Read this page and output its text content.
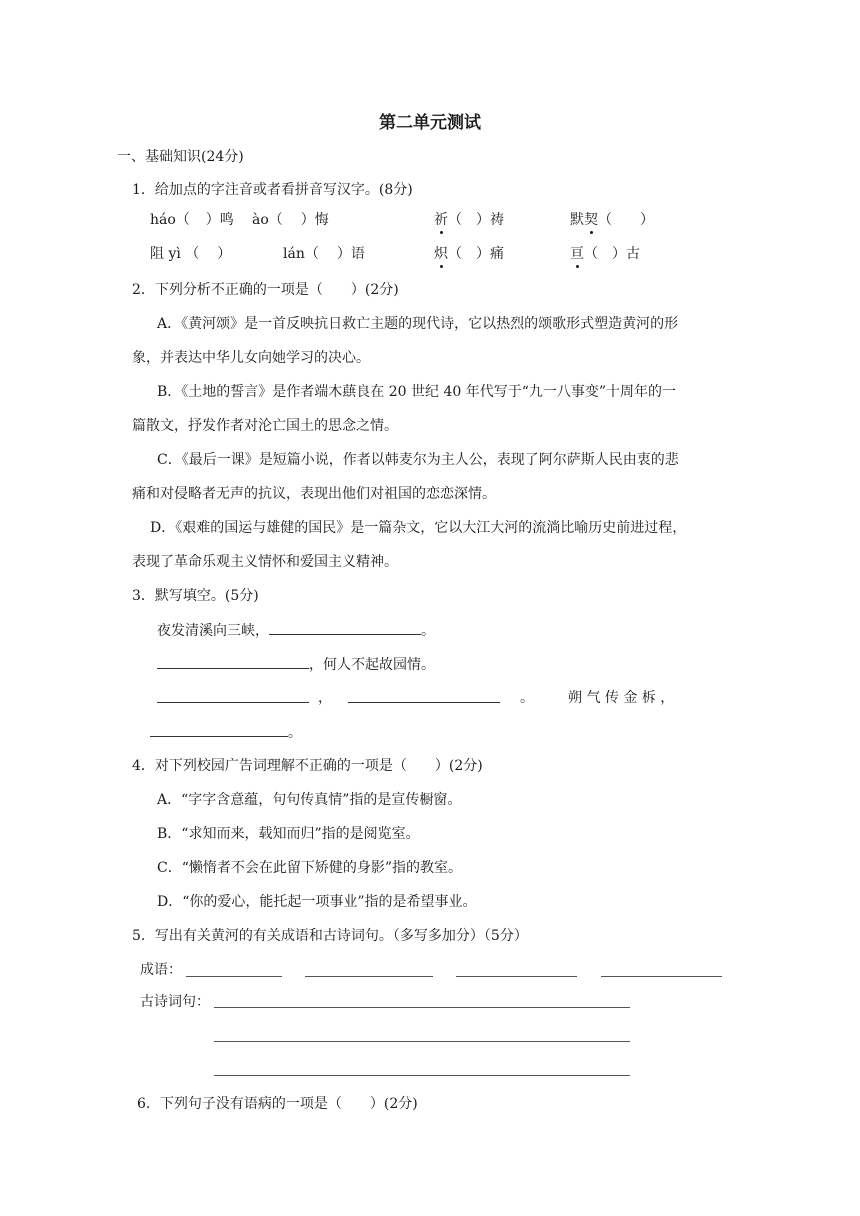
第二单元测试
一、基础知识(24分)
1．给加点的字注音或者看拼音写汉字。(8分)
háo（ ）鸣 ào（ ）悔	祈（ ）祷	默契（　　）
阻 yì （ ）	lán（ ）语	炽（ ）痛	亘（ ）古
2．下列分析不正确的一项是（　　）(2分)
A．《黄河颂》是一首反映抗日救亡主题的现代诗，它以热烈的颂歌形式塑造黄河的形
象，并表达中华儿女向她学习的决心。
B．《土地的誓言》是作者端木蕻良在 20 世纪 40 年代写于“九一八事变”十周年的一
篇散文，抒发作者对沦亡国土的思念之情。
C．《最后一课》是短篇小说，作者以韩麦尔为主人公，表现了阿尔萨斯人民由衷的悲
痛和对侵略者无声的抗议，表现出他们对祖国的恋恋深情。
D．《艰难的国运与雄健的国民》是一篇杂文，它以大江大河的流淌比喻历史前进过程，
表现了革命乐观主义情怀和爱国主义精神。
3．默写填空。(5分)
夜发清溪向三峡，	。
，何人不起故园情。
，	。 朔 气 传 金 柝 ，
。
4．对下列校园广告词理解不正确的一项是（　　）(2分)
A．“字字含意蕴，句句传真情”指的是宣传橱窗。
B．“求知而来，载知而归”指的是阅览室。
C．“懒惰者不会在此留下矫健的身影”指的教室。
D．“你的爱心，能托起一项事业”指的是希望事业。
5．写出有关黄河的有关成语和古诗词句。（多写多加分）（5分）
成语：
古诗词句：
6．下列句子没有语病的一项是（　　）(2分)
